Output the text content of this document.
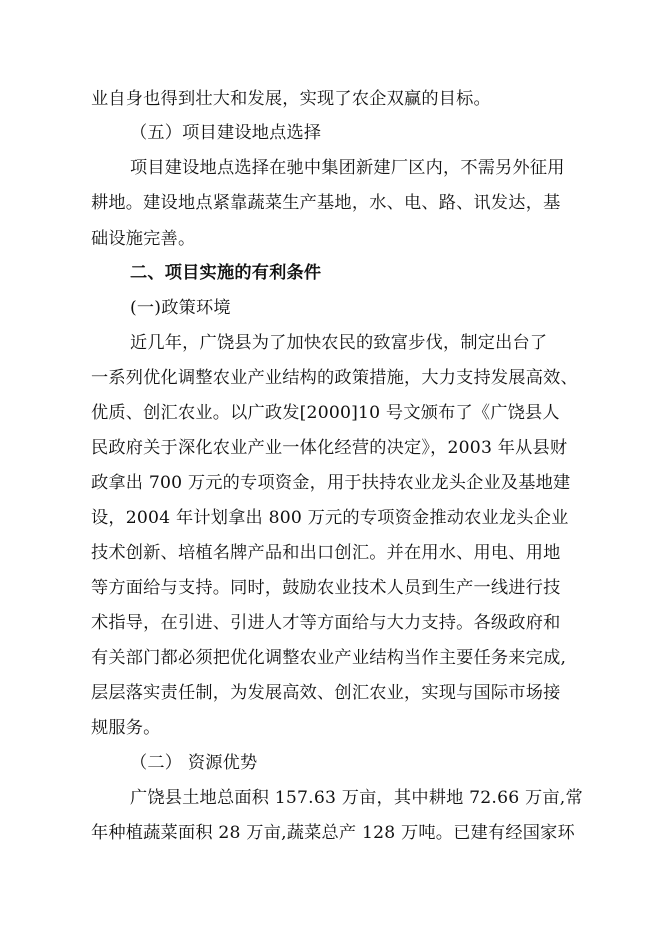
业自身也得到壮大和发展，实现了农企双赢的目标。
（五）项目建设地点选择
项目建设地点选择在驰中集团新建厂区内，不需另外征用
耕地。建设地点紧靠蔬菜生产基地，水、电、路、讯发达，基
础设施完善。
二、项目实施的有利条件
(一)政策环境
近几年，广饶县为了加快农民的致富步伐，制定出台了
一系列优化调整农业产业结构的政策措施，大力支持发展高效、
优质、创汇农业。以广政发[2000]10 号文颁布了《广饶县人
民政府关于深化农业产业一体化经营的决定》，2003 年从县财
政拿出 700 万元的专项资金，用于扶持农业龙头企业及基地建
设，2004 年计划拿出 800 万元的专项资金推动农业龙头企业
技术创新、培植名牌产品和出口创汇。并在用水、用电、用地
等方面给与支持。同时，鼓励农业技术人员到生产一线进行技
术指导，在引进、引进人才等方面给与大力支持。各级政府和
有关部门都必须把优化调整农业产业结构当作主要任务来完成,
层层落实责任制，为发展高效、创汇农业，实现与国际市场接
规服务。
（二） 资源优势
广饶县土地总面积 157.63 万亩，其中耕地 72.66 万亩,常
年种植蔬菜面积 28 万亩,蔬菜总产 128 万吨。已建有经国家环
